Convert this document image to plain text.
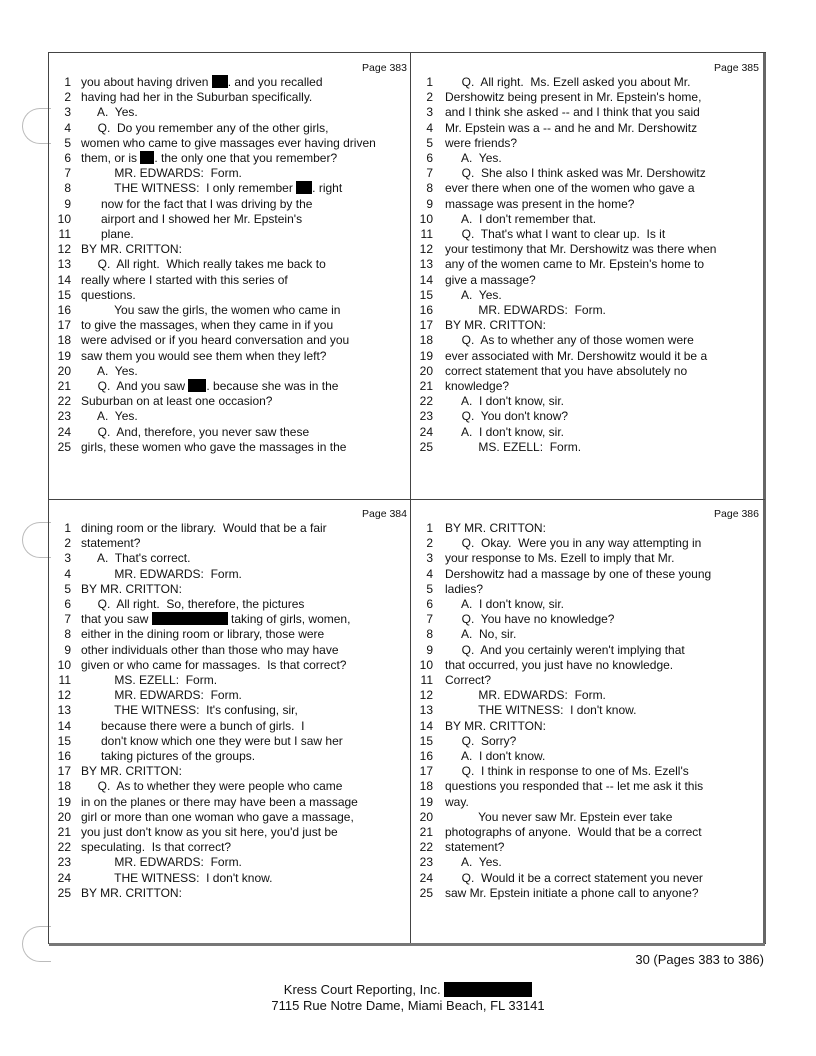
Page 383
1 you about having driven . and you recalled
2 having had her in the Suburban specifically.
3 A.  Yes.
4 Q.  Do you remember any of the other girls,
5 women who came to give massages ever having driven
6 them, or is . the only one that you remember?
7 MR. EDWARDS:  Form.
8 THE WITNESS:  I only remember . right
9 now for the fact that I was driving by the
10 airport and I showed her Mr. Epstein's
11 plane.
12 BY MR. CRITTON:
13 Q.  All right.  Which really takes me back to
14 really where I started with this series of
15 questions.
16 You saw the girls, the women who came in
17 to give the massages, when they came in if you
18 were advised or if you heard conversation and you
19 saw them you would see them when they left?
20 A.  Yes.
21 Q.  And you saw . because she was in the
22 Suburban on at least one occasion?
23 A.  Yes.
24 Q.  And, therefore, you never saw these
25 girls, these women who gave the massages in the
Page 385
1 Q.  All right.  Ms. Ezell asked you about Mr.
2 Dershowitz being present in Mr. Epstein's home,
3 and I think she asked -- and I think that you said
4 Mr. Epstein was a -- and he and Mr. Dershowitz
5 were friends?
6 A.  Yes.
7 Q.  She also I think asked was Mr. Dershowitz
8 ever there when one of the women who gave a
9 massage was present in the home?
10 A.  I don't remember that.
11 Q.  That's what I want to clear up.  Is it
12 your testimony that Mr. Dershowitz was there when
13 any of the women came to Mr. Epstein's home to
14 give a massage?
15 A.  Yes.
16 MR. EDWARDS:  Form.
17 BY MR. CRITTON:
18 Q.  As to whether any of those women were
19 ever associated with Mr. Dershowitz would it be a
20 correct statement that you have absolutely no
21 knowledge?
22 A.  I don't know, sir.
23 Q.  You don't know?
24 A.  I don't know, sir.
25 MS. EZELL:  Form.
Page 384
1 dining room or the library.  Would that be a fair
2 statement?
3 A.  That's correct.
4 MR. EDWARDS:  Form.
5 BY MR. CRITTON:
6 Q.  All right.  So, therefore, the pictures
7 that you saw	taking of girls, women,
8 either in the dining room or library, those were
9 other individuals other than those who may have
10 given or who came for massages.  Is that correct?
11 MS. EZELL:  Form.
12 MR. EDWARDS:  Form.
13 THE WITNESS:  It's confusing, sir,
14 because there were a bunch of girls.  I
15 don't know which one they were but I saw her
16 taking pictures of the groups.
17 BY MR. CRITTON:
18 Q.  As to whether they were people who came
19 in on the planes or there may have been a massage
20 girl or more than one woman who gave a massage,
21 you just don't know as you sit here, you'd just be
22 speculating.  Is that correct?
23 MR. EDWARDS:  Form.
24 THE WITNESS:  I don't know.
25 BY MR. CRITTON:
Page 386
1 BY MR. CRITTON:
2 Q.  Okay.  Were you in any way attempting in
3 your response to Ms. Ezell to imply that Mr.
4 Dershowitz had a massage by one of these young
5 ladies?
6 A.  I don't know, sir.
7 Q.  You have no knowledge?
8 A.  No, sir.
9 Q.  And you certainly weren't implying that
10 that occurred, you just have no knowledge.
11 Correct?
12 MR. EDWARDS:  Form.
13 THE WITNESS:  I don't know.
14 BY MR. CRITTON:
15 Q.  Sorry?
16 A.  I don't know.
17 Q.  I think in response to one of Ms. Ezell's
18 questions you responded that -- let me ask it this
19 way.
20 You never saw Mr. Epstein ever take
21 photographs of anyone.  Would that be a correct
22 statement?
23 A.  Yes.
24 Q.  Would it be a correct statement you never
25 saw Mr. Epstein initiate a phone call to anyone?
30 (Pages 383 to 386)
Kress Court Reporting, Inc.
7115 Rue Notre Dame, Miami Beach, FL 33141
